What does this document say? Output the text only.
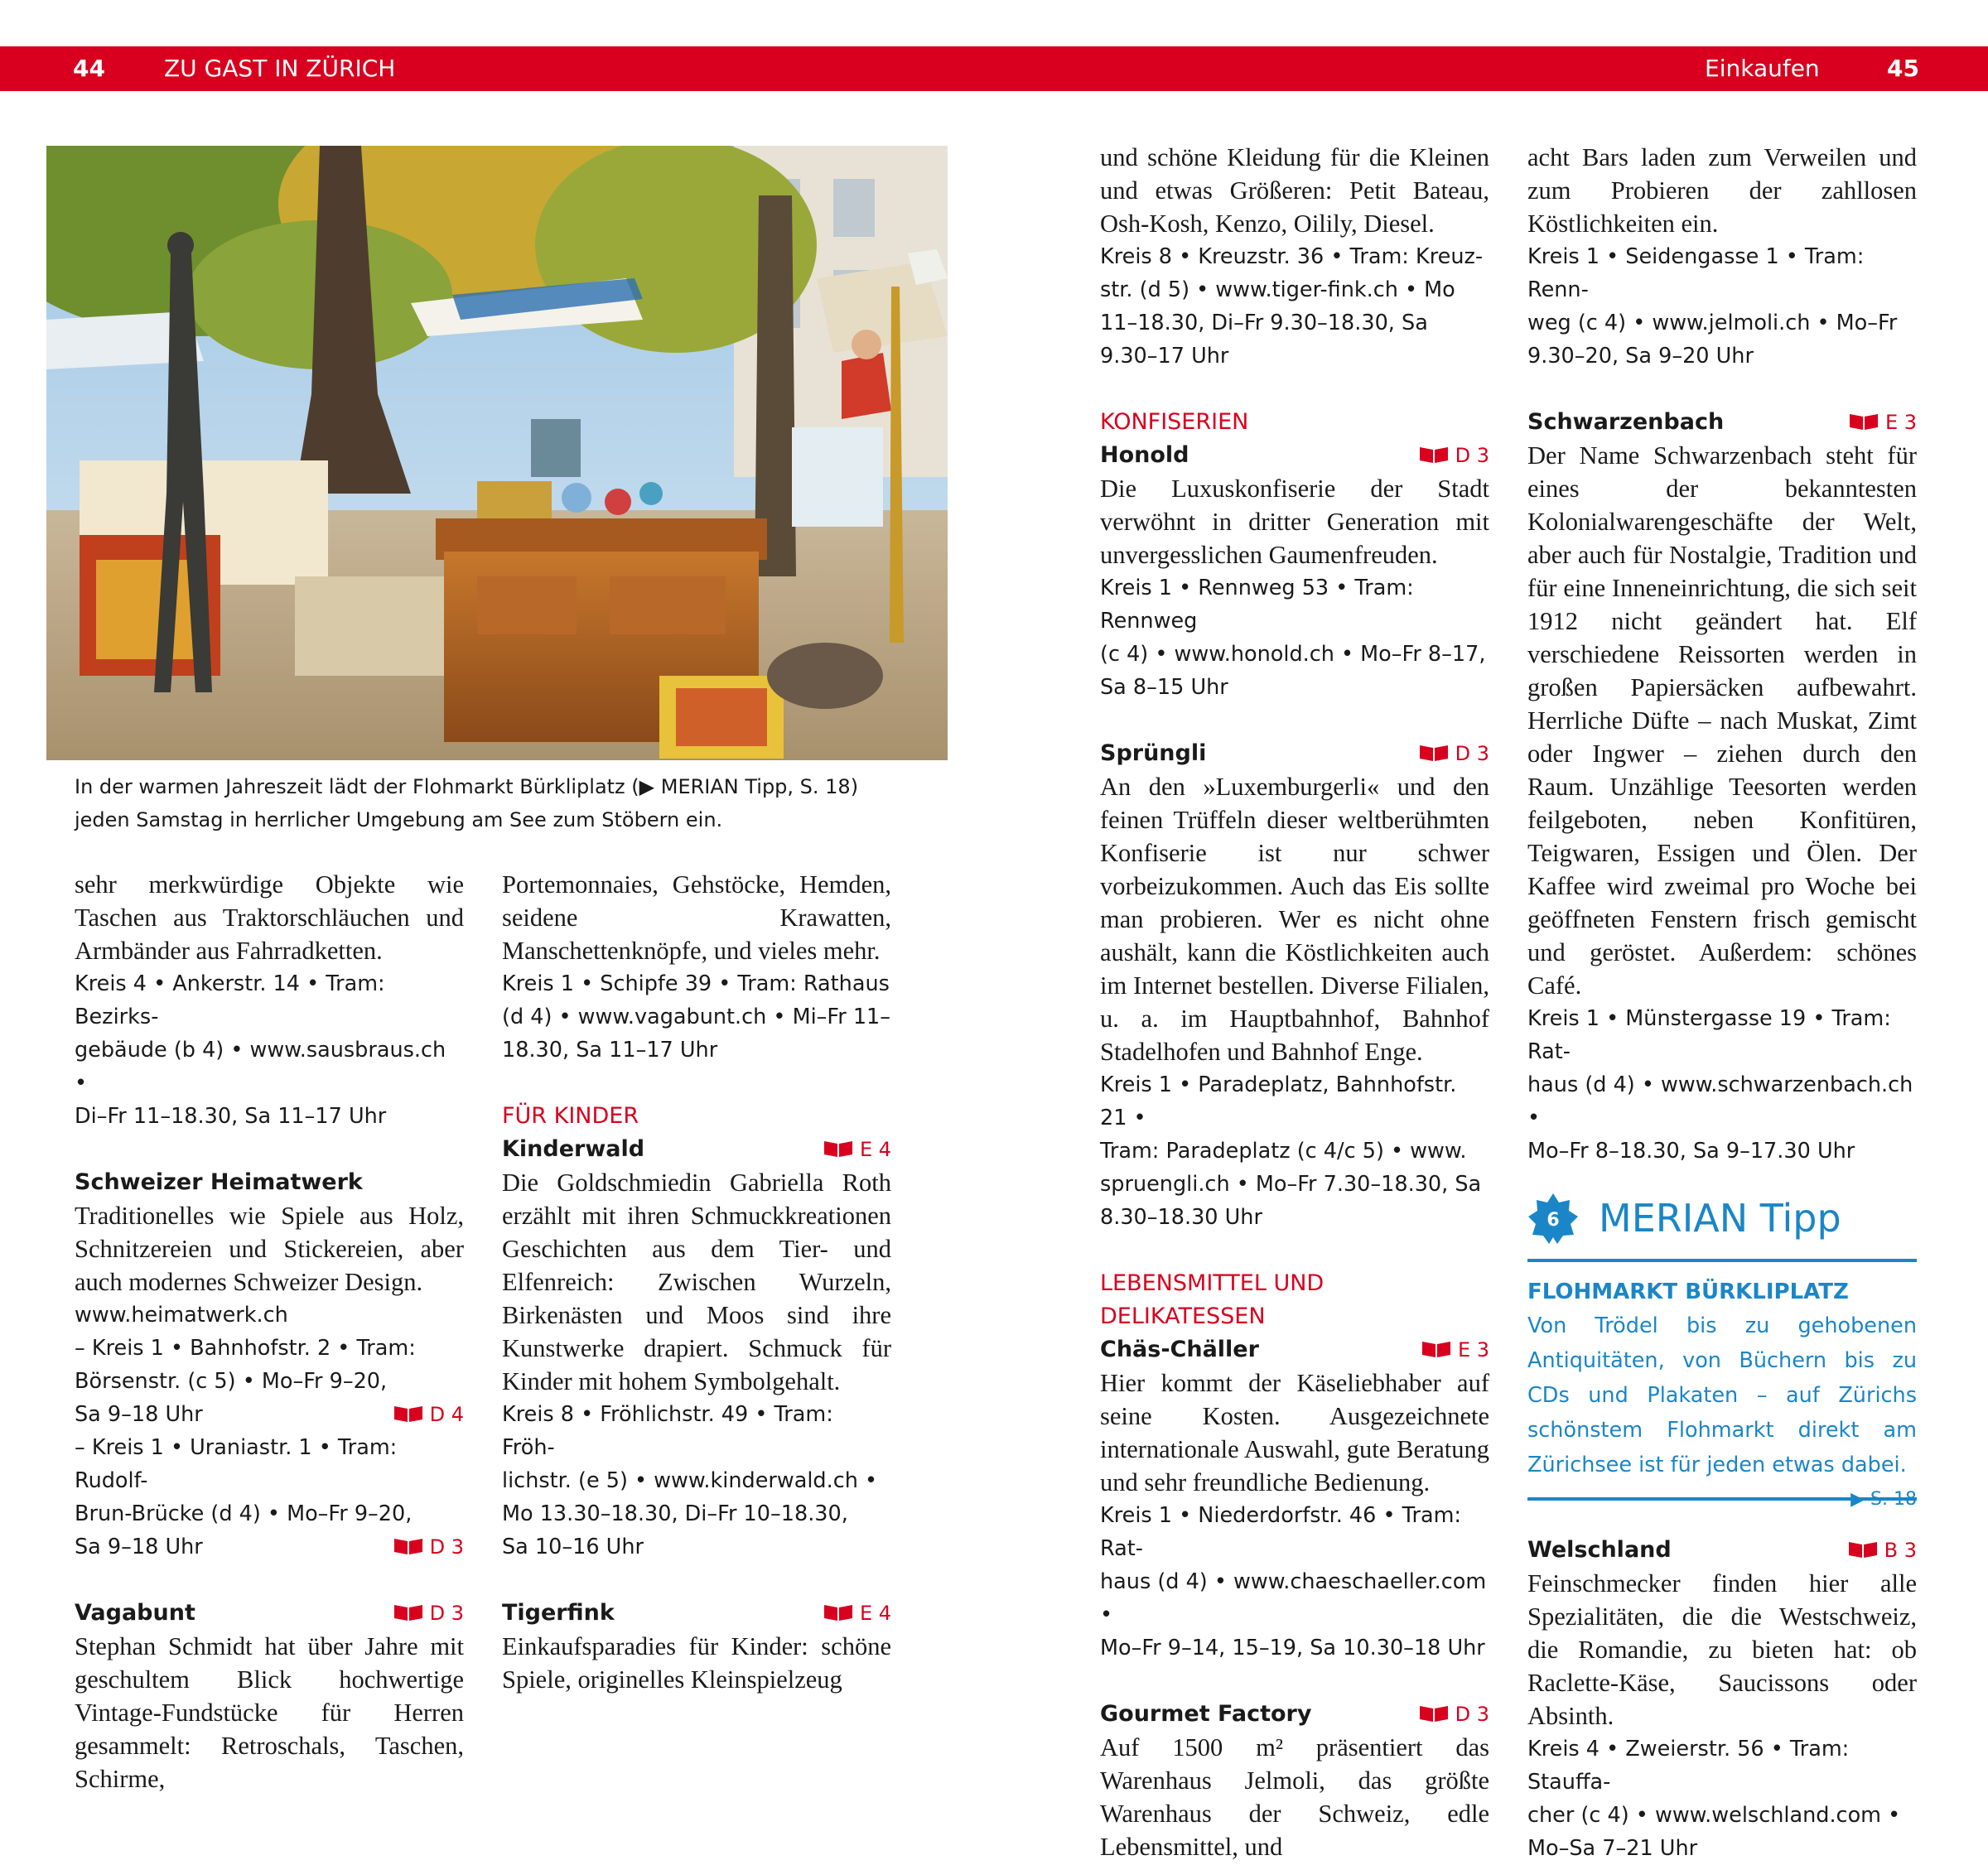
44	ZU GAST IN ZÜRICH	Einkaufen	45
In der warmen Jahreszeit lädt der Flohmarkt Bürkliplatz (▶ MERIAN Tipp, S. 18)
jeden Samstag in herrlicher Umgebung am See zum Stöbern ein.
sehr merkwürdige Objekte wie Taschen aus Traktorschläuchen und Armbänder aus Fahrradketten.
Kreis 4 • Ankerstr. 14 • Tram: Bezirks-
gebäude (b 4) • www.sausbraus.ch •
Di–Fr 11–18.30, Sa 11–17 Uhr
Schweizer Heimatwerk
Traditionelles wie Spiele aus Holz, Schnitzereien und Stickereien, aber auch modernes Schweizer Design.
www.heimatwerk.ch
– Kreis 1 • Bahnhofstr. 2 • Tram:
Börsenstr. (c 5) • Mo–Fr 9–20,
D 4
Sa 9–18 Uhr
– Kreis 1 • Uraniastr. 1 • Tram: Rudolf-
Brun-Brücke (d 4) • Mo–Fr 9–20,
D 3
Sa 9–18 Uhr
Vagabunt	D 3
Stephan Schmidt hat über Jahre mit geschultem Blick hochwertige Vintage-Fundstücke für Herren gesammelt: Retroschals, Taschen, Schirme,
Portemonnaies, Gehstöcke, Hemden, seidene Krawatten, Manschettenknöpfe, und vieles mehr.
Kreis 1 • Schipfe 39 • Tram: Rathaus
(d 4) • www.vagabunt.ch • Mi–Fr 11–
18.30, Sa 11–17 Uhr
FÜR KINDER
Kinderwald	E 4
Die Goldschmiedin Gabriella Roth erzählt mit ihren Schmuckkreationen Geschichten aus dem Tier- und Elfenreich: Zwischen Wurzeln, Birkenästen und Moos sind ihre Kunstwerke drapiert. Schmuck für Kinder mit hohem Symbolgehalt.
Kreis 8 • Fröhlichstr. 49 • Tram: Fröh-
lichstr. (e 5) • www.kinderwald.ch •
Mo 13.30–18.30, Di–Fr 10–18.30,
Sa 10–16 Uhr
Tigerfink	E 4
Einkaufsparadies für Kinder: schöne Spiele, originelles Kleinspielzeug
und schöne Kleidung für die Kleinen und etwas Größeren: Petit Bateau, Osh-Kosh, Kenzo, Oilily, Diesel.
Kreis 8 • Kreuzstr. 36 • Tram: Kreuz-
str. (d 5) • www.tiger-fink.ch • Mo
11–18.30, Di–Fr 9.30–18.30, Sa
9.30–17 Uhr
KONFISERIEN
Honold	D 3
Die Luxuskonfiserie der Stadt verwöhnt in dritter Generation mit unvergesslichen Gaumenfreuden.
Kreis 1 • Rennweg 53 • Tram: Rennweg
(c 4) • www.honold.ch • Mo–Fr 8–17,
Sa 8–15 Uhr
Sprüngli	D 3
An den »Luxemburgerli« und den feinen Trüffeln dieser weltberühmten Konfiserie ist nur schwer vorbeizukommen. Auch das Eis sollte man probieren. Wer es nicht ohne aushält, kann die Köstlichkeiten auch im Internet bestellen. Diverse Filialen, u. a. im Hauptbahnhof, Bahnhof Stadelhofen und Bahnhof Enge.
Kreis 1 • Paradeplatz, Bahnhofstr. 21 •
Tram: Paradeplatz (c 4/c 5) • www.
spruengli.ch • Mo–Fr 7.30–18.30, Sa
8.30–18.30 Uhr
LEBENSMITTEL UND DELIKATESSEN
Chäs-Chäller	E 3
Hier kommt der Käseliebhaber auf seine Kosten. Ausgezeichnete internationale Auswahl, gute Beratung und sehr freundliche Bedienung.
Kreis 1 • Niederdorfstr. 46 • Tram: Rat-
haus (d 4) • www.chaeschaeller.com •
Mo–Fr 9–14, 15–19, Sa 10.30–18 Uhr
Gourmet Factory	D 3
Auf 1500 m² präsentiert das Warenhaus Jelmoli, das größte Warenhaus der Schweiz, edle Lebensmittel, und
acht Bars laden zum Verweilen und zum Probieren der zahllosen Köstlichkeiten ein.
Kreis 1 • Seidengasse 1 • Tram: Renn-
weg (c 4) • www.jelmoli.ch • Mo–Fr
9.30–20, Sa 9–20 Uhr
Schwarzenbach	E 3
Der Name Schwarzenbach steht für eines der bekanntesten Kolonialwarengeschäfte der Welt, aber auch für Nostalgie, Tradition und für eine Inneneinrichtung, die sich seit 1912 nicht geändert hat. Elf verschiedene Reissorten werden in großen Papiersäcken aufbewahrt. Herrliche Düfte – nach Muskat, Zimt oder Ingwer – ziehen durch den Raum. Unzählige Teesorten werden feilgeboten, neben Konfitüren, Teigwaren, Essigen und Ölen. Der Kaffee wird zweimal pro Woche bei geöffneten Fenstern frisch gemischt und geröstet. Außerdem: schönes Café.
Kreis 1 • Münstergasse 19 • Tram: Rat-
haus (d 4) • www.schwarzenbach.ch •
Mo–Fr 8–18.30, Sa 9–17.30 Uhr
6 MERIAN Tipp
FLOHMARKT BÜRKLIPLATZ
Von Trödel bis zu gehobenen Antiquitäten, von Büchern bis zu CDs und Plakaten – auf Zürichs schönstem Flohmarkt direkt am Zürichsee ist für jeden etwas dabei.
▶ S. 18
Welschland	B 3
Feinschmecker finden hier alle Spezialitäten, die die Westschweiz, die Romandie, zu bieten hat: ob Raclette-Käse, Saucissons oder Absinth.
Kreis 4 • Zweierstr. 56 • Tram: Stauffa-
cher (c 4) • www.welschland.com •
Mo–Sa 7–21 Uhr
